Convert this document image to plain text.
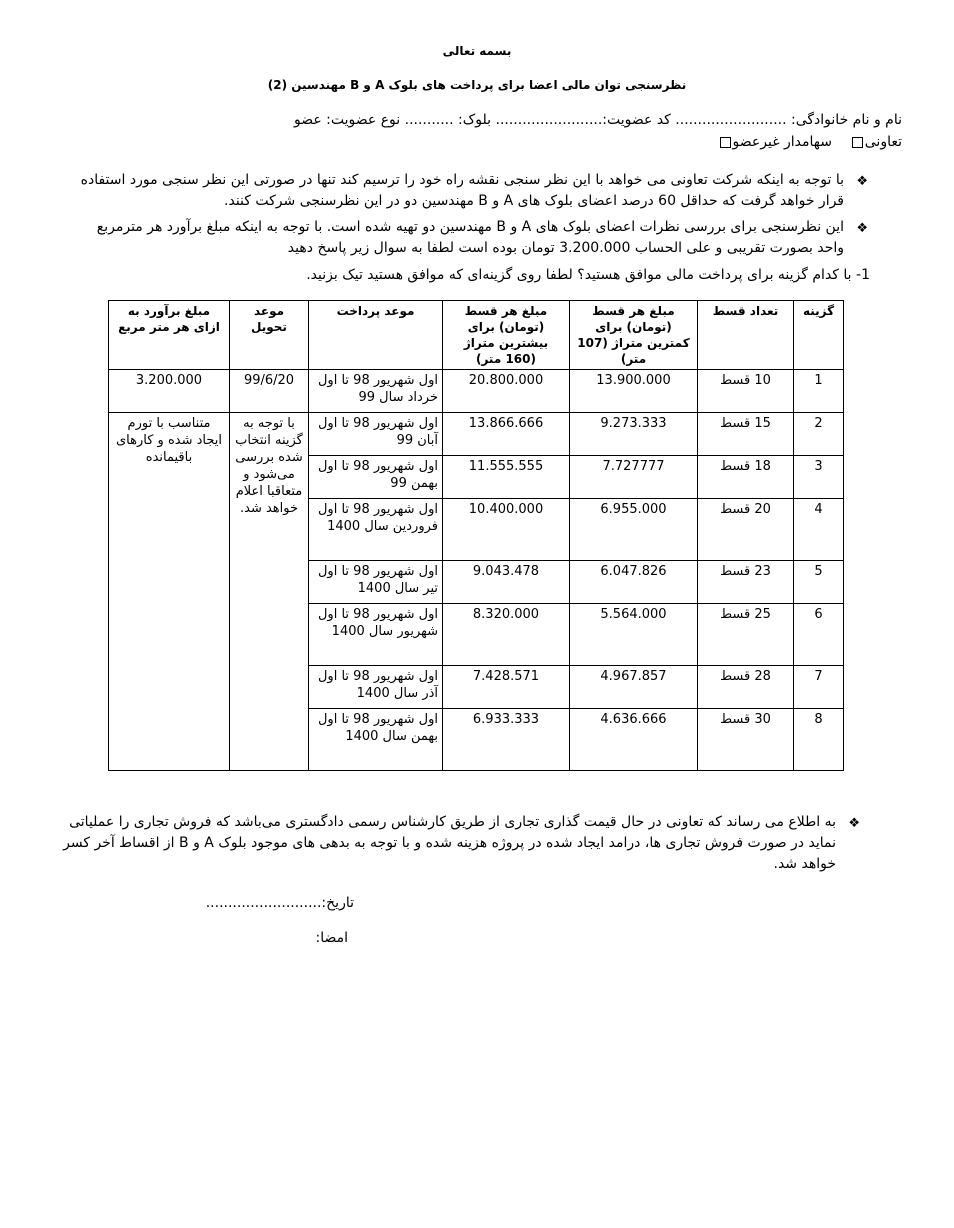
بسمه تعالی
نظرسنجی توان مالی اعضا برای پرداخت های بلوک A و B مهندسین (2)
نام و نام خانوادگی: ......................... کد عضویت:........................ بلوک: ........... نوع عضویت: عضو
تعاونی    سهامدار غیرعضو
❖
با توجه به اینکه شرکت تعاونی می خواهد با این نظر سنجی نقشه راه خود را ترسیم کند تنها در صورتی این نظر سنجی مورد استفاده قرار خواهد گرفت که حداقل 60 درصد اعضای بلوک های A و B مهندسین دو در این نظرسنجی شرکت کنند.
❖
این نظرسنجی برای بررسی نظرات اعضای بلوک های A و B مهندسین دو تهیه شده است. با توجه به اینکه مبلغ برآورد هر مترمربع واحد بصورت تقریبی و علی الحساب 3.200.000 تومان بوده است لطفا به سوال زیر پاسخ دهید
1- با کدام گزینه برای پرداخت مالی موافق هستید؟ لطفا روی گزینه‌ای که موافق هستید تیک بزنید.
گزینه	تعداد قسط	مبلغ هر قسط (تومان) برای کمترین متراژ (107 متر)	مبلغ هر قسط (تومان) برای بیشترین متراژ (160 متر)	موعد پرداخت	موعد تحویل	مبلغ برآورد به ازای هر متر مربع
1	10 قسط	13.900.000	20.800.000	اول شهریور 98 تا اول خرداد سال 99	99/6/20	3.200.000
2	15 قسط	9.273.333	13.866.666	اول شهریور 98 تا اول آبان 99	با توجه به گزینه انتخاب شده بررسی می‌شود و متعاقبا اعلام خواهد شد.	متناسب با تورم ایجاد شده و کارهای باقیمانده
3	18 قسط	7.727777	11.555.555	اول شهریور 98 تا اول بهمن 99		
4	20 قسط	6.955.000	10.400.000	اول شهریور 98 تا اول فروردین سال 1400		
5	23 قسط	6.047.826	9.043.478	اول شهریور 98 تا اول تیر سال 1400		
6	25 قسط	5.564.000	8.320.000	اول شهریور 98 تا اول شهریور سال 1400		
7	28 قسط	4.967.857	7.428.571	اول شهریور 98 تا اول آذر سال 1400		
8	30 قسط	4.636.666	6.933.333	اول شهریور 98 تا اول بهمن سال 1400		
❖
به اطلاع می رساند که تعاونی در حال قیمت گذاری تجاری از طریق کارشناس رسمی دادگستری می‌باشد که فروش تجاری را عملیاتی نماید در صورت فروش تجاری ها، درامد ایجاد شده در پروژه هزینه شده و با توجه به بدهی های موجود بلوک A و B از اقساط آخر کسر خواهد شد.
تاریخ:..........................
امضا:
